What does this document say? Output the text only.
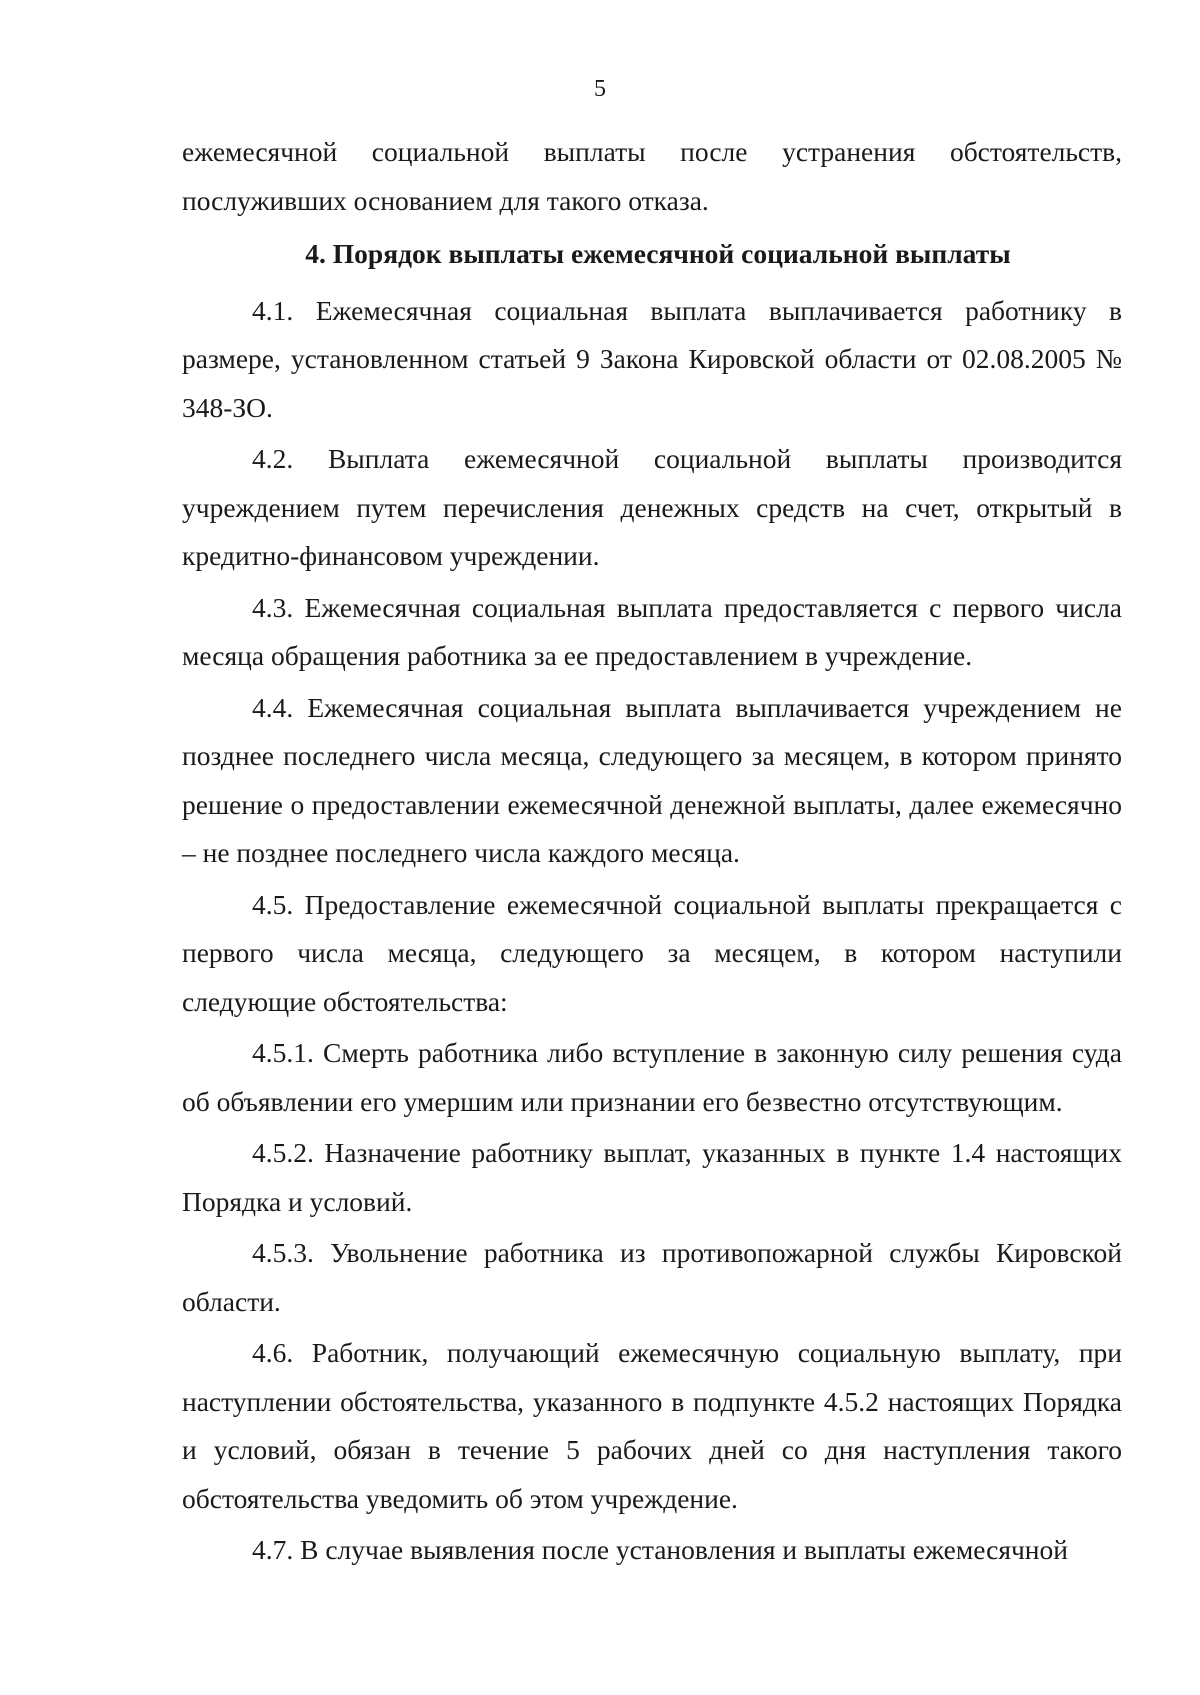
5

ежемесячной социальной выплаты после устранения обстоятельств, послуживших основанием для такого отказа.

4. Порядок выплаты ежемесячной социальной выплаты

4.1. Ежемесячная социальная выплата выплачивается работнику в размере, установленном статьей 9 Закона Кировской области от 02.08.2005 № 348-ЗО.

4.2. Выплата ежемесячной социальной выплаты производится учреждением путем перечисления денежных средств на счет, открытый в кредитно-финансовом учреждении.

4.3. Ежемесячная социальная выплата предоставляется с первого числа месяца обращения работника за ее предоставлением в учреждение.

4.4. Ежемесячная социальная выплата выплачивается учреждением не позднее последнего числа месяца, следующего за месяцем, в котором принято решение о предоставлении ежемесячной денежной выплаты, далее ежемесячно – не позднее последнего числа каждого месяца.

4.5. Предоставление ежемесячной социальной выплаты прекращается с первого числа месяца, следующего за месяцем, в котором наступили следующие обстоятельства:

4.5.1. Смерть работника либо вступление в законную силу решения суда об объявлении его умершим или признании его безвестно отсутствующим.

4.5.2. Назначение работнику выплат, указанных в пункте 1.4 настоящих Порядка и условий.

4.5.3. Увольнение работника из противопожарной службы Кировской области.

4.6. Работник, получающий ежемесячную социальную выплату, при наступлении обстоятельства, указанного в подпункте 4.5.2 настоящих Порядка и условий, обязан в течение 5 рабочих дней со дня наступления такого обстоятельства уведомить об этом учреждение.

4.7. В случае выявления после установления и выплаты ежемесячной
